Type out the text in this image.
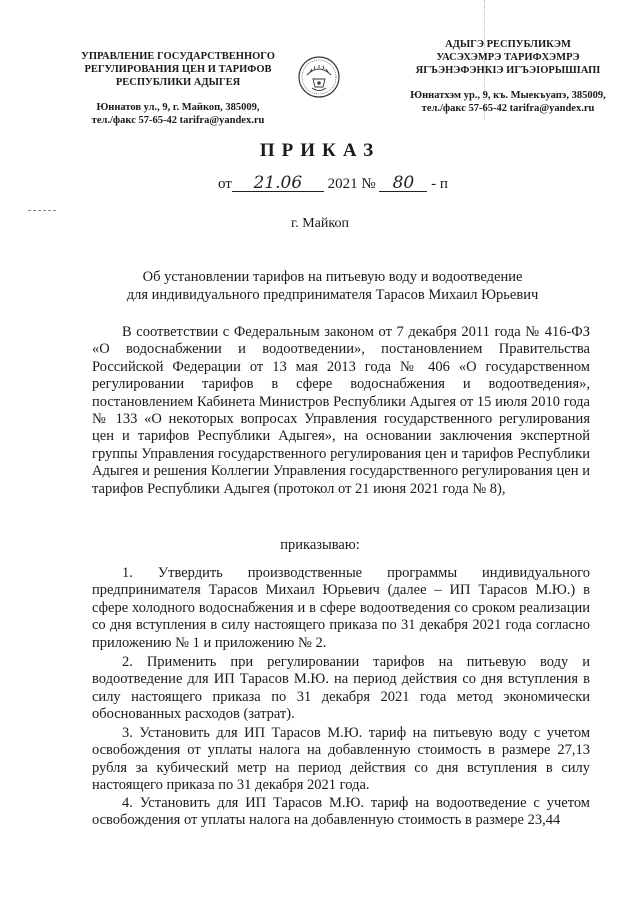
УПРАВЛЕНИЕ ГОСУДАРСТВЕННОГО
РЕГУЛИРОВАНИЯ ЦЕН И ТАРИФОВ
РЕСПУБЛИКИ АДЫГЕЯ
Юннатов ул., 9, г. Майкоп, 385009,
тел./факс 57-65-42 tarifra@yandex.ru
АДЫГЭ РЕСПУБЛИКЭМ
УАСЭХЭМРЭ ТАРИФХЭМРЭ
ЯГЪЭНЭФЭНКІЭ ИГЪЭІОРЫШІАПІ
Юннатхэм ур., 9, къ. Мыекъуапэ, 385009,
тел./факс 57-65-42 tarifra@yandex.ru
ПРИКАЗ
от 21.06 2021 № 80 - п
г. Майкоп
Об установлении тарифов на питьевую воду и водоотведение
для индивидуального предпринимателя Тарасов Михаил Юрьевич
В соответствии с Федеральным законом от 7 декабря 2011 года № 416-ФЗ «О водоснабжении и водоотведении», постановлением Правительства Российской Федерации от 13 мая 2013 года № 406 «О государственном регулировании тарифов в сфере водоснабжения и водоотведения», постановлением Кабинета Министров Республики Адыгея от 15 июля 2010 года № 133 «О некоторых вопросах Управления государственного регулирования цен и тарифов Республики Адыгея», на основании заключения экспертной группы Управления государственного регулирования цен и тарифов Республики Адыгея и решения Коллегии Управления государственного регулирования цен и тарифов Республики Адыгея (протокол от 21 июня 2021 года № 8),
приказываю:
1. Утвердить производственные программы индивидуального предпринимателя Тарасов Михаил Юрьевич (далее – ИП Тарасов М.Ю.) в сфере холодного водоснабжения и в сфере водоотведения со сроком реализации со дня вступления в силу настоящего приказа по 31 декабря 2021 года согласно приложению № 1 и приложению № 2.
2. Применить при регулировании тарифов на питьевую воду и водоотведение для ИП Тарасов М.Ю. на период действия со дня вступления в силу настоящего приказа по 31 декабря 2021 года метод экономически обоснованных расходов (затрат).
3. Установить для ИП Тарасов М.Ю. тариф на питьевую воду с учетом освобождения от уплаты налога на добавленную стоимость в размере 27,13 рубля за кубический метр на период действия со дня вступления в силу настоящего приказа по 31 декабря 2021 года.
4. Установить для ИП Тарасов М.Ю. тариф на водоотведение с учетом освобождения от уплаты налога на добавленную стоимость в размере 23,44
